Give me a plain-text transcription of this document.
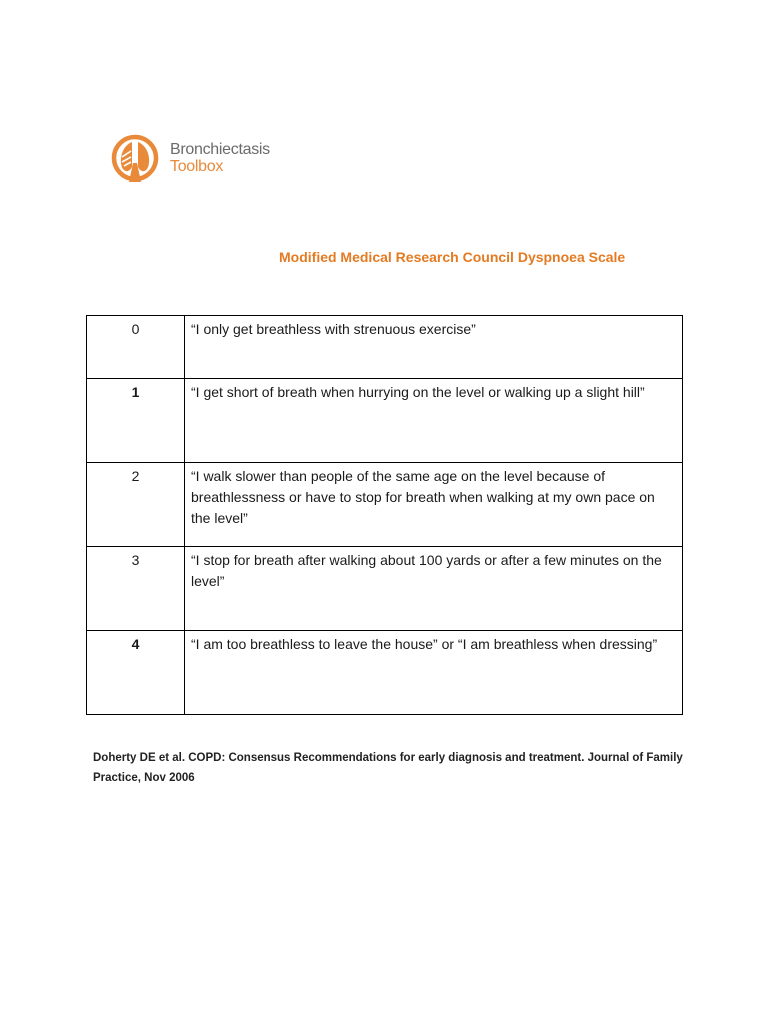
Bronchiectasis
Toolbox
Modified Medical Research Council Dyspnoea Scale
0	“I only get breathless with strenuous exercise”
1	“I get short of breath when hurrying on the level or walking up a slight hill”
2	“I walk slower than people of the same age on the level because of breathlessness or have to stop for breath when walking at my own pace on the level”
3	“I stop for breath after walking about 100 yards or after a few minutes on the level”
4	“I am too breathless to leave the house” or “I am breathless when dressing”
Doherty DE et al. COPD: Consensus Recommendations for early diagnosis and treatment. Journal of Family Practice, Nov 2006
